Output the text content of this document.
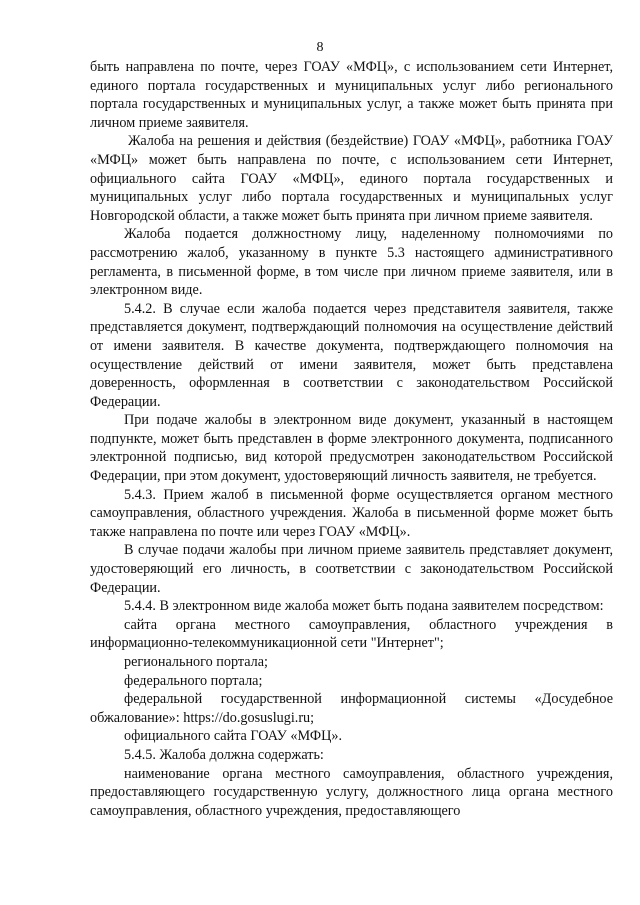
8

быть направлена по почте, через ГОАУ «МФЦ», с использованием сети Интернет, единого портала государственных и муниципальных услуг либо регионального портала государственных и муниципальных услуг, а также может быть принята при личном приеме заявителя.

Жалоба на решения и действия (бездействие) ГОАУ «МФЦ», работника ГОАУ «МФЦ» может быть направлена по почте, с использованием сети Интернет, официального сайта ГОАУ «МФЦ», единого портала государственных и муниципальных услуг либо портала государственных и муниципальных услуг Новгородской области, а также может быть принята при личном приеме заявителя.

Жалоба подается должностному лицу, наделенному полномочиями по рассмотрению жалоб, указанному в пункте 5.3 настоящего административного регламента, в письменной форме, в том числе при личном приеме заявителя, или в электронном виде.

5.4.2. В случае если жалоба подается через представителя заявителя, также представляется документ, подтверждающий полномочия на осуществление действий от имени заявителя. В качестве документа, подтверждающего полномочия на осуществление действий от имени заявителя, может быть представлена доверенность, оформленная в соответствии с законодательством Российской Федерации.

При подаче жалобы в электронном виде документ, указанный в настоящем подпункте, может быть представлен в форме электронного документа, подписанного электронной подписью, вид которой предусмотрен законодательством Российской Федерации, при этом документ, удостоверяющий личность заявителя, не требуется.

5.4.3. Прием жалоб в письменной форме осуществляется органом местного самоуправления, областного учреждения. Жалоба в письменной форме может быть также направлена по почте или через ГОАУ «МФЦ».

В случае подачи жалобы при личном приеме заявитель представляет документ, удостоверяющий его личность, в соответствии с законодательством Российской Федерации.

5.4.4. В электронном виде жалоба может быть подана заявителем посредством:

сайта органа местного самоуправления, областного учреждения в информационно-телекоммуникационной сети "Интернет";

регионального портала;

федерального портала;

федеральной государственной информационной системы «Досудебное обжалование»: https://do.gosuslugi.ru;

официального сайта ГОАУ «МФЦ».

5.4.5. Жалоба должна содержать:

наименование органа местного самоуправления, областного учреждения, предоставляющего государственную услугу, должностного лица органа местного самоуправления, областного учреждения, предоставляющего
